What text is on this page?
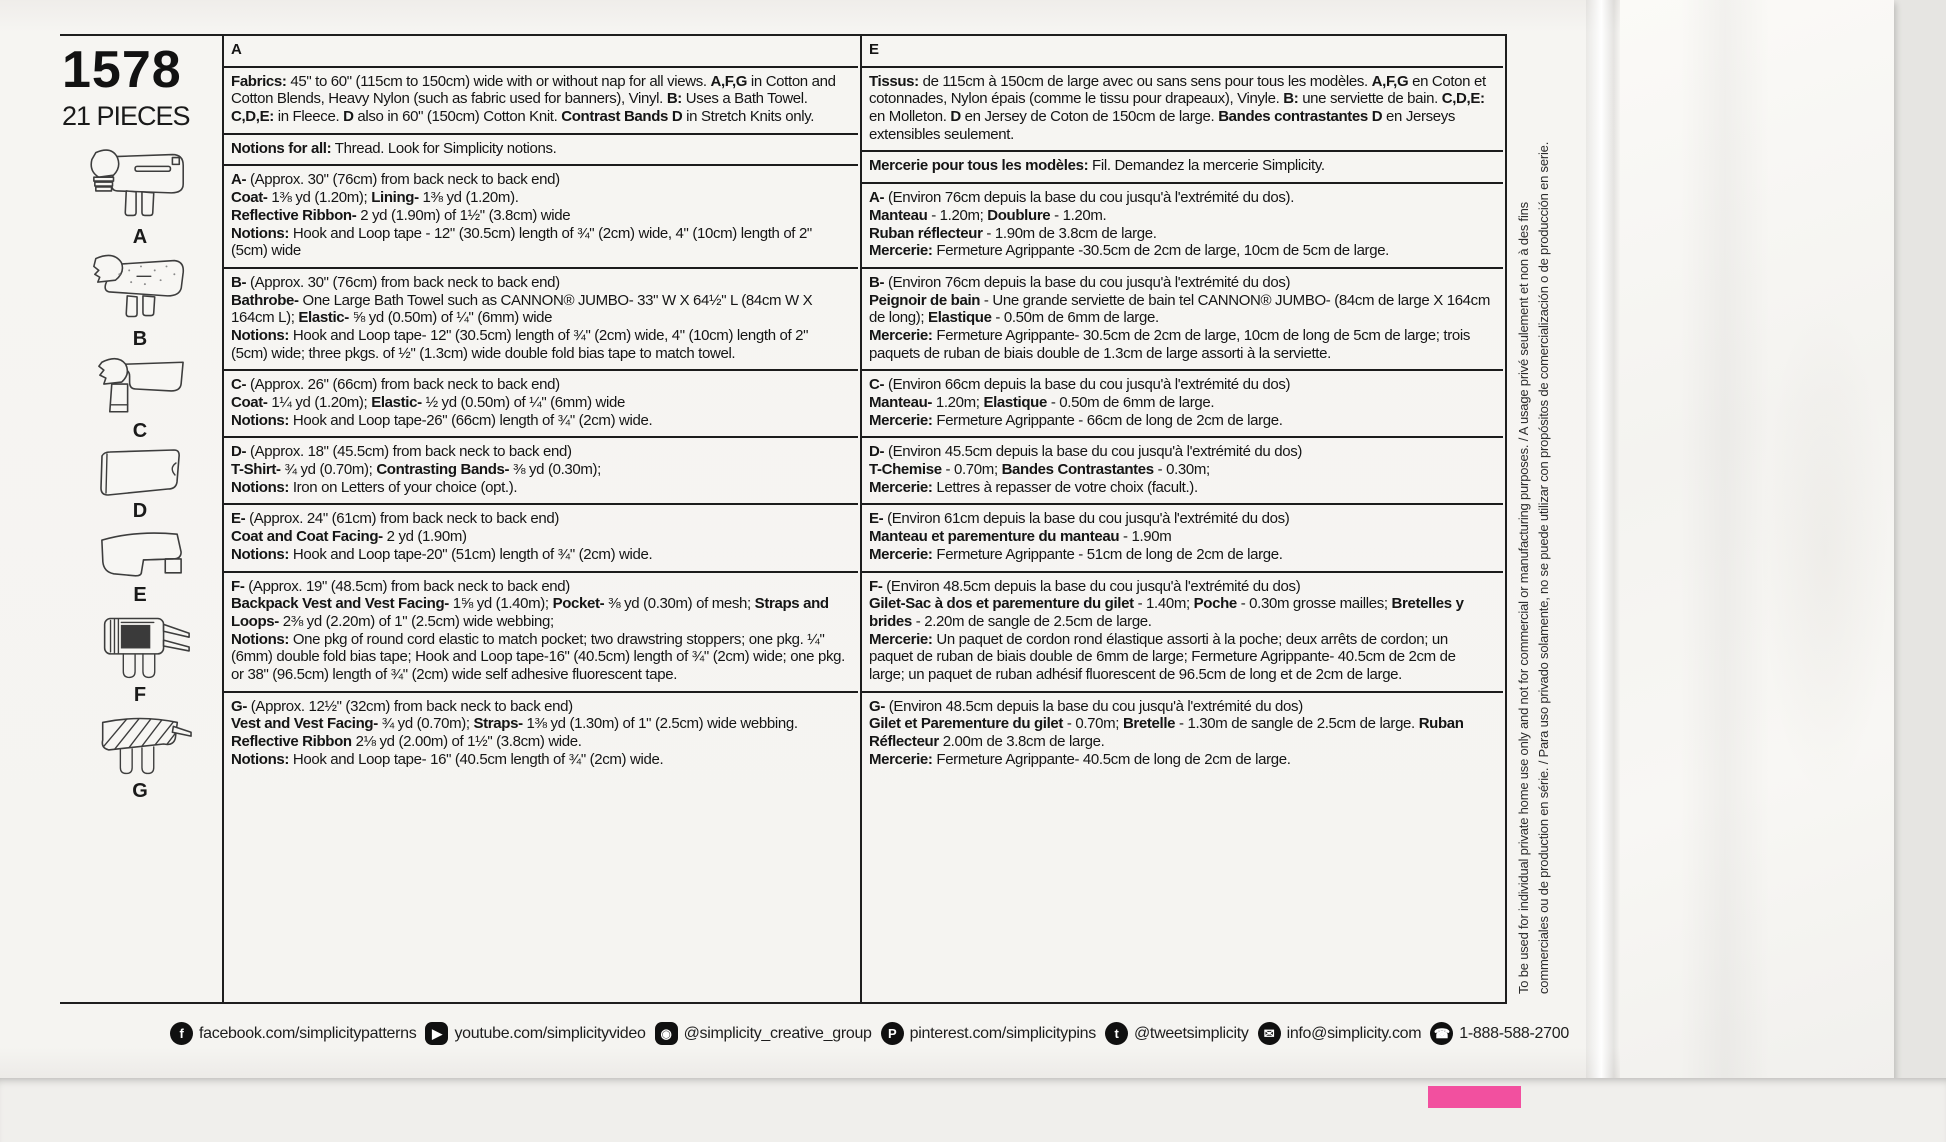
1578
21 PIECES
A
B
C
D
E
F
G

A

Fabrics: 45" to 60" (115cm to 150cm) wide with or without nap for all views. A,F,G in Cotton and Cotton Blends, Heavy Nylon (such as fabric used for banners), Vinyl. B: Uses a Bath Towel. C,D,E: in Fleece. D also in 60" (150cm) Cotton Knit. Contrast Bands D in Stretch Knits only.

Notions for all: Thread. Look for Simplicity notions.

A- (Approx. 30" (76cm) from back neck to back end)

Coat- 1⅜ yd (1.20m); Lining- 1⅜ yd (1.20m).

Reflective Ribbon- 2 yd (1.90m) of 1½" (3.8cm) wide

Notions: Hook and Loop tape - 12" (30.5cm) length of ¾" (2cm) wide, 4" (10cm) length of 2" (5cm) wide

B- (Approx. 30" (76cm) from back neck to back end)

Bathrobe- One Large Bath Towel such as CANNON® JUMBO- 33" W X 64½" L (84cm W X 164cm L); Elastic- ⅝ yd (0.50m) of ¼" (6mm) wide

Notions: Hook and Loop tape- 12" (30.5cm) length of ¾" (2cm) wide, 4" (10cm) length of 2" (5cm) wide; three pkgs. of ½" (1.3cm) wide double fold bias tape to match towel.

C- (Approx. 26" (66cm) from back neck to back end)

Coat- 1¼ yd (1.20m); Elastic- ½ yd (0.50m) of ¼" (6mm) wide

Notions: Hook and Loop tape-26" (66cm) length of ¾" (2cm) wide.

D- (Approx. 18" (45.5cm) from back neck to back end)

T-Shirt- ¾ yd (0.70m); Contrasting Bands- ⅜ yd (0.30m);

Notions: Iron on Letters of your choice (opt.).

E- (Approx. 24" (61cm) from back neck to back end)

Coat and Coat Facing- 2 yd (1.90m)

Notions: Hook and Loop tape-20" (51cm) length of ¾" (2cm) wide.

F- (Approx. 19" (48.5cm) from back neck to back end)

Backpack Vest and Vest Facing- 1⅝ yd (1.40m); Pocket- ⅜ yd (0.30m) of mesh; Straps and Loops- 2⅜ yd (2.20m) of 1" (2.5cm) wide webbing;

Notions: One pkg of round cord elastic to match pocket; two drawstring stoppers; one pkg. ¼" (6mm) double fold bias tape; Hook and Loop tape-16" (40.5cm) length of ¾" (2cm) wide; one pkg. or 38" (96.5cm) length of ¾" (2cm) wide self adhesive fluorescent tape.

G- (Approx. 12½" (32cm) from back neck to back end)

Vest and Vest Facing- ¾ yd (0.70m); Straps- 1⅜ yd (1.30m) of 1" (2.5cm) wide webbing. Reflective Ribbon 2⅛ yd (2.00m) of 1½" (3.8cm) wide.

Notions: Hook and Loop tape- 16" (40.5cm length of ¾" (2cm) wide.

E

Tissus: de 115cm à 150cm de large avec ou sans sens pour tous les modèles. A,F,G en Coton et cotonnades, Nylon épais (comme le tissu pour drapeaux), Vinyle. B: une serviette de bain. C,D,E: en Molleton. D en Jersey de Coton de 150cm de large. Bandes contrastantes D en Jerseys extensibles seulement.

Mercerie pour tous les modèles: Fil. Demandez la mercerie Simplicity.

A- (Environ 76cm depuis la base du cou jusqu'à l'extrémité du dos).

Manteau - 1.20m; Doublure - 1.20m.

Ruban réflecteur - 1.90m de 3.8cm de large.

Mercerie: Fermeture Agrippante -30.5cm de 2cm de large, 10cm de 5cm de large.

B- (Environ 76cm depuis la base du cou jusqu'à l'extrémité du dos)

Peignoir de bain - Une grande serviette de bain tel CANNON® JUMBO- (84cm de large X 164cm de long); Elastique - 0.50m de 6mm de large.

Mercerie: Fermeture Agrippante- 30.5cm de 2cm de large, 10cm de long de 5cm de large; trois paquets de ruban de biais double de 1.3cm de large assorti à la serviette.

C- (Environ 66cm depuis la base du cou jusqu'à l'extrémité du dos)

Manteau- 1.20m; Elastique - 0.50m de 6mm de large.

Mercerie: Fermeture Agrippante - 66cm de long de 2cm de large.

D- (Environ 45.5cm depuis la base du cou jusqu'à l'extrémité du dos)

T-Chemise - 0.70m; Bandes Contrastantes - 0.30m;

Mercerie: Lettres à repasser de votre choix (facult.).

E- (Environ 61cm depuis la base du cou jusqu'à l'extrémité du dos)

Manteau et parementure du manteau - 1.90m

Mercerie: Fermeture Agrippante - 51cm de long de 2cm de large.

F- (Environ 48.5cm depuis la base du cou jusqu'à l'extrémité du dos)

Gilet-Sac à dos et parementure du gilet - 1.40m; Poche - 0.30m grosse mailles; Bretelles y brides - 2.20m de sangle de 2.5cm de large.

Mercerie: Un paquet de cordon rond élastique assorti à la poche; deux arrêts de cordon; un paquet de ruban de biais double de 6mm de large; Fermeture Agrippante- 40.5cm de 2cm de large; un paquet de ruban adhésif fluorescent de 96.5cm de long et de 2cm de large.

G- (Environ 48.5cm depuis la base du cou jusqu'à l'extrémité du dos)

Gilet et Parementure du gilet - 0.70m; Bretelle - 1.30m de sangle de 2.5cm de large. Ruban Réflecteur 2.00m de 3.8cm de large.

Mercerie: Fermeture Agrippante- 40.5cm de long de 2cm de large.	To be used for individual private home use only and not for commercial or manufacturing purposes. / A usage privé seulement et non à des fins commerciales ou de production en série. / Para uso privado solamente, no se puede utilizar con propósitos de comercialización o de producción en serie.
f facebook.com/simplicitypatterns	▶ youtube.com/simplicityvideo	◉ @simplicity_creative_group	P pinterest.com/simplicitypins	t @tweetsimplicity	✉ info@simplicity.com ☎ 1-888-588-2700
